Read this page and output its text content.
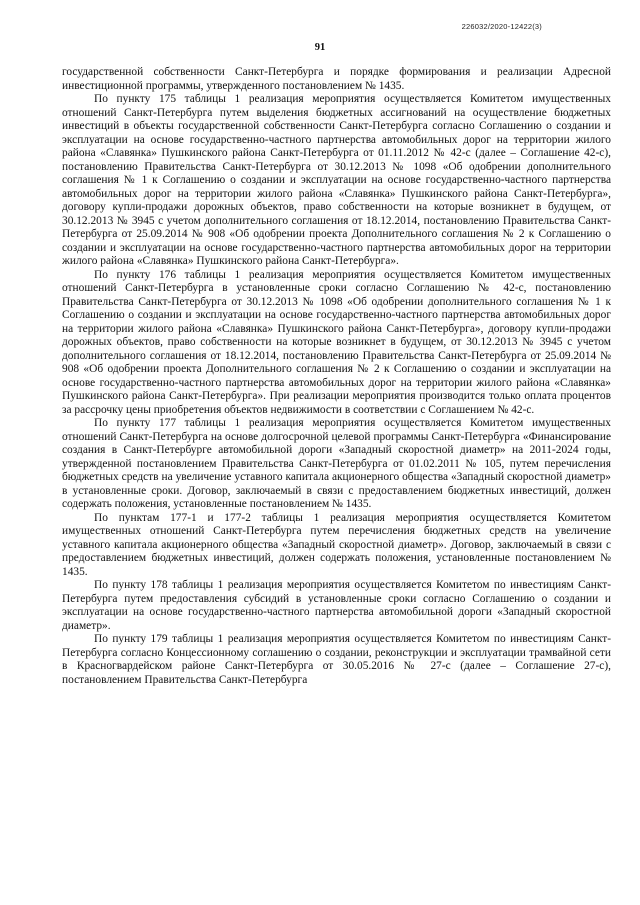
226032/2020-12422(3)
91

государственной собственности Санкт-Петербурга и порядке формирования и реализации Адресной инвестиционной программы, утвержденного постановлением № 1435.

По пункту 175 таблицы 1 реализация мероприятия осуществляется Комитетом имущественных отношений Санкт-Петербурга путем выделения бюджетных ассигнований на осуществление бюджетных инвестиций в объекты государственной собственности Санкт-Петербурга согласно Соглашению о создании и эксплуатации на основе государственно-частного партнерства автомобильных дорог на территории жилого района «Славянка» Пушкинского района Санкт-Петербурга от 01.11.2012 № 42-с (далее – Соглашение 42-с), постановлению Правительства Санкт-Петербурга от 30.12.2013 № 1098 «Об одобрении дополнительного соглашения № 1 к Соглашению о создании и эксплуатации на основе государственно-частного партнерства автомобильных дорог на территории жилого района «Славянка» Пушкинского района Санкт-Петербурга», договору купли-продажи дорожных объектов, право собственности на которые возникнет в будущем, от 30.12.2013 № 3945 с учетом дополнительного соглашения от 18.12.2014, постановлению Правительства Санкт-Петербурга от 25.09.2014 № 908 «Об одобрении проекта Дополнительного соглашения № 2 к Соглашению о создании и эксплуатации на основе государственно-частного партнерства автомобильных дорог на территории жилого района «Славянка» Пушкинского района Санкт-Петербурга».

По пункту 176 таблицы 1 реализация мероприятия осуществляется Комитетом имущественных отношений Санкт-Петербурга в установленные сроки согласно Соглашению № 42-с, постановлению Правительства Санкт-Петербурга от 30.12.2013 № 1098 «Об одобрении дополнительного соглашения № 1 к Соглашению о создании и эксплуатации на основе государственно-частного партнерства автомобильных дорог на территории жилого района «Славянка» Пушкинского района Санкт-Петербурга», договору купли-продажи дорожных объектов, право собственности на которые возникнет в будущем, от 30.12.2013 № 3945 с учетом дополнительного соглашения от 18.12.2014, постановлению Правительства Санкт-Петербурга от 25.09.2014 № 908 «Об одобрении проекта Дополнительного соглашения № 2 к Соглашению о создании и эксплуатации на основе государственно-частного партнерства автомобильных дорог на территории жилого района «Славянка» Пушкинского района Санкт-Петербурга». При реализации мероприятия производится только оплата процентов за рассрочку цены приобретения объектов недвижимости в соответствии с Соглашением № 42-с.

По пункту 177 таблицы 1 реализация мероприятия осуществляется Комитетом имущественных отношений Санкт-Петербурга на основе долгосрочной целевой программы Санкт-Петербурга «Финансирование создания в Санкт-Петербурге автомобильной дороги «Западный скоростной диаметр» на 2011-2024 годы, утвержденной постановлением Правительства Санкт-Петербурга от 01.02.2011 № 105, путем перечисления бюджетных средств на увеличение уставного капитала акционерного общества «Западный скоростной диаметр» в установленные сроки. Договор, заключаемый в связи с предоставлением бюджетных инвестиций, должен содержать положения, установленные постановлением № 1435.

По пунктам 177-1 и 177-2 таблицы 1 реализация мероприятия осуществляется Комитетом имущественных отношений Санкт-Петербурга путем перечисления бюджетных средств на увеличение уставного капитала акционерного общества «Западный скоростной диаметр». Договор, заключаемый в связи с предоставлением бюджетных инвестиций, должен содержать положения, установленные постановлением № 1435.

По пункту 178 таблицы 1 реализация мероприятия осуществляется Комитетом по инвестициям Санкт-Петербурга путем предоставления субсидий в установленные сроки согласно Соглашению о создании и эксплуатации на основе государственно-частного партнерства автомобильной дороги «Западный скоростной диаметр».

По пункту 179 таблицы 1 реализация мероприятия осуществляется Комитетом по инвестициям Санкт-Петербурга согласно Концессионному соглашению о создании, реконструкции и эксплуатации трамвайной сети в Красногвардейском районе Санкт-Петербурга от 30.05.2016 № 27-с (далее – Соглашение 27-с), постановлением Правительства Санкт-Петербурга
